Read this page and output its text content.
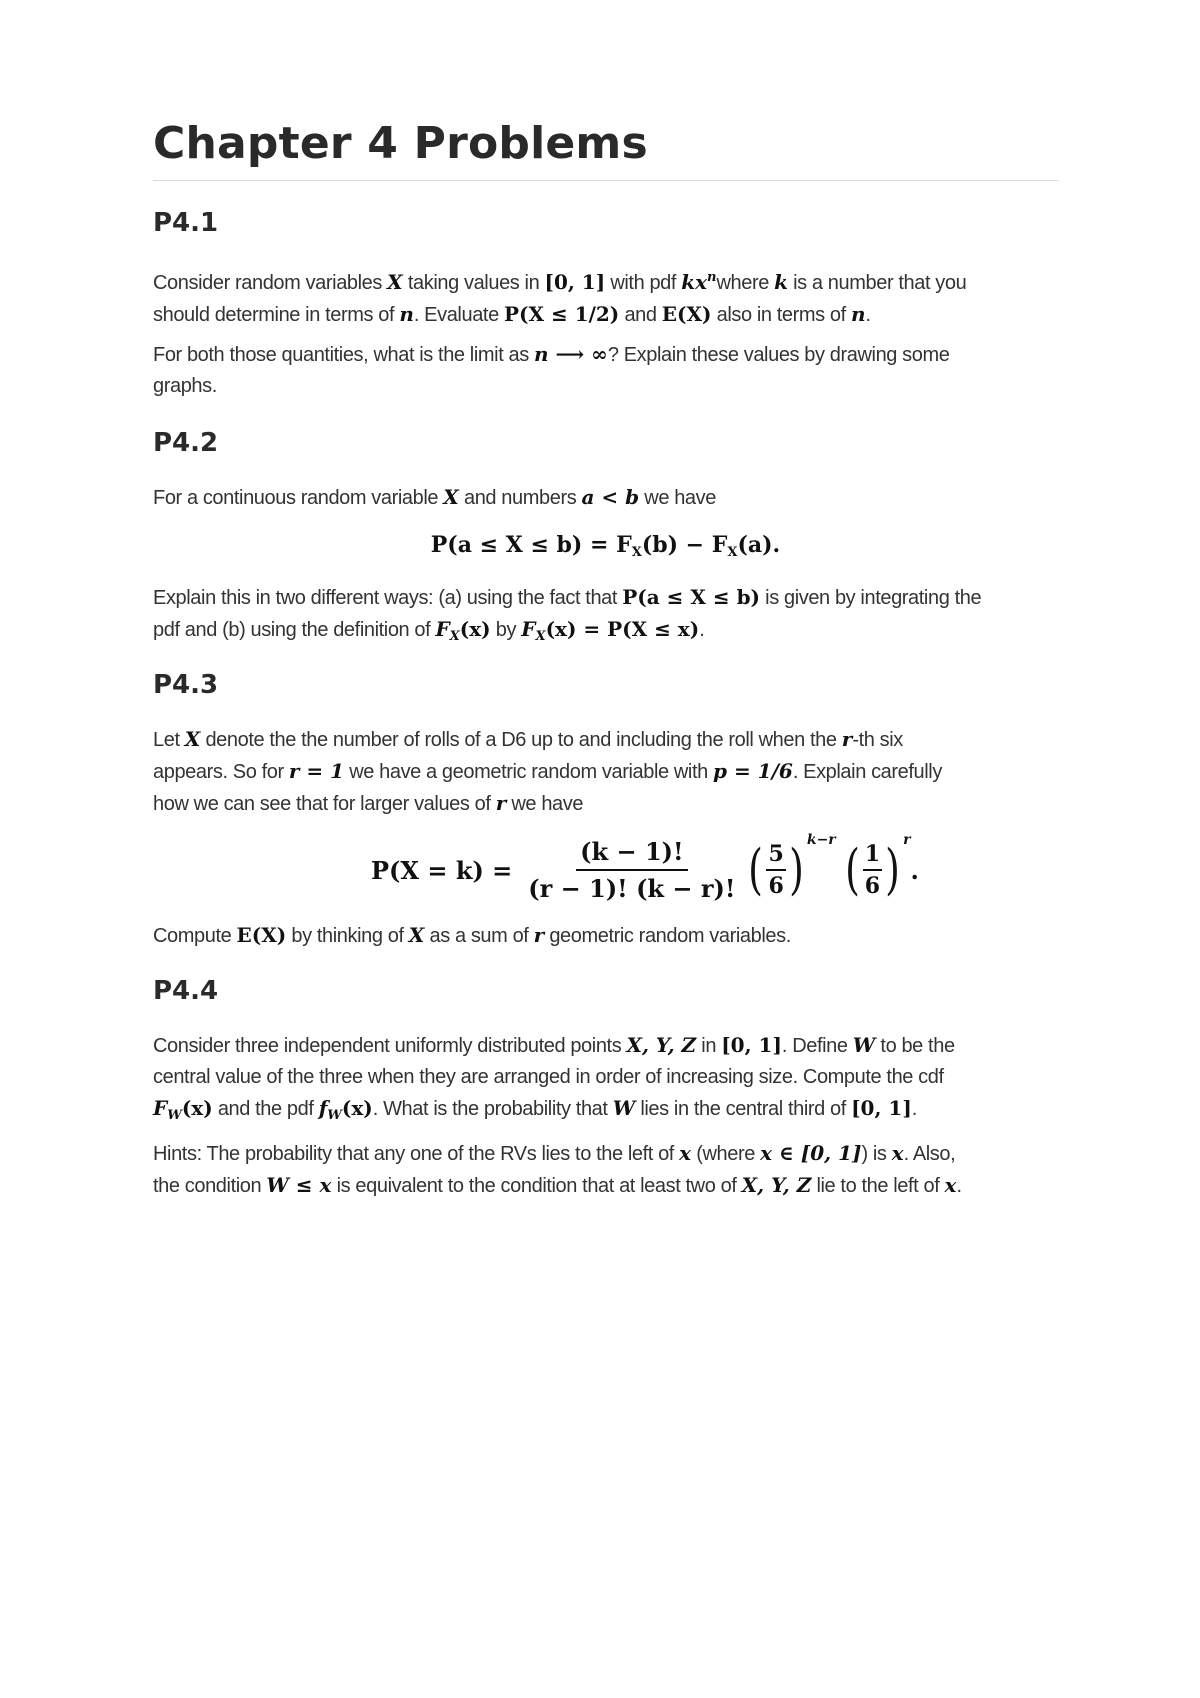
Chapter 4 Problems
P4.1

Consider random variables X taking values in [0, 1] with pdf $kx^nwhere$ k is a number that you
should determine in terms of n. Evaluate P(X ≤ 1/2) and E(X) also in terms of n.

For both those quantities, what is the limit as n ⟶ ∞? Explain these values by drawing some graphs.

P4.2

For a continuous random variable X and numbers a < b we have

$P(a \le X \le b) = F_X(b) - F_X(a)$.

Explain this in two different ways: (a) using the fact that P(a ≤ X ≤ b) is given by integrating the
pdf and (b) using the definition of $F_X(x)$ by $F_X(x) = P(X \le x)$.

P4.3

Let X denote the the number of rolls of a D6 up to and including the roll when the r-th six
appears. So for r = 1 we have a geometric random variable with p = 1/6. Explain carefully
how we can see that for larger values of r we have

$P(X = k) = \frac{(k - 1)!}{(r - 1)! (k - r)!}$ ( $\frac{5}{6}$ ) k−r ( $\frac{1}{6}$ ) r
.

Compute E(X) by thinking of X as a sum of r geometric random variables.

P4.4

Consider three independent uniformly distributed points X, Y, Z in [0, 1]. Define W to be the
central value of the three when they are arranged in order of increasing size. Compute the cdf
$F_W(x)$ and the pdf $f_W(x)$. What is the probability that W lies in the central third of [0, 1].

Hints: The probability that any one of the RVs lies to the left of x (where x ∈ [0, 1]) is x. Also,
the condition W ≤ x is equivalent to the condition that at least two of X, Y, Z lie to the left of x.
